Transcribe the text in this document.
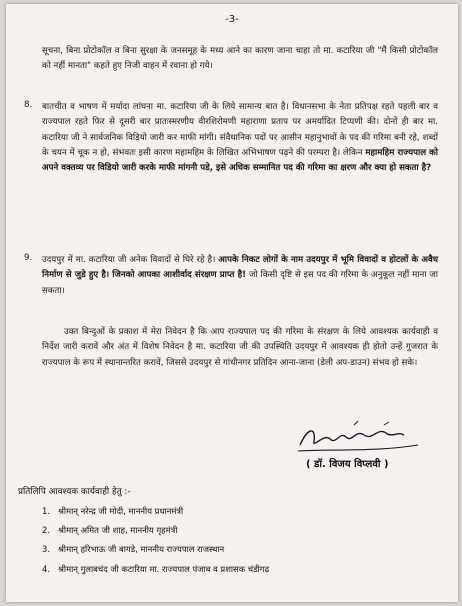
-3-
सूचना, बिना प्रोटोकॉल व बिना सुरक्षा के जनसमूह के मध्य आने का कारण जाना चाहा तो मा. कटारिया जी "मैं किसी प्रोटोकॉल को नहीं मानता" कहते हुए निजी वाहन में रवाना हो गये।
8. बातचीत व भाषण में मर्यादा लांघना मा. कटारिया जी के लिये सामान्य बात है। विधानसभा के नेता प्रतिपक्ष रहते पहली बार व राज्यपाल रहते फिर से दूसरी बार प्रातःस्मरणीय वीरशिरोमणी महाराणा प्रताप पर अमर्यादित टिप्पणी की। दोनों ही बार मा. कटारिया जी ने सार्वजनिक विडियो जारी कर माफी मांगी। संवैधानिक पदों पर आसीन महानुभावों के पद की गरिमा बनी रहे, शब्दों के चयन में चूक न हो, संभवतः इसी कारण महामहिम के लिखित अभिभाषण पढ़ने की परम्परा है। लेकिन महामहिम राज्यपाल को अपने वक्तव्य पर विडियो जारी करके माफी मांगनी पडे, इसे अधिक सम्मानित पद की गरिमा का क्षरण और क्या हो सकता है?
9. उदयपुर में मा. कटारिया जी अनेक विवादों से घिरे रहे है। आपके निकट लोगों के नाम उदयपुर में भूमि विवादों व होटलों के अवैध निर्माण से जुडे हुए है। जिनको आपका आशीर्वाद संरक्षण प्राप्त है! जो किसी दृष्टि से इस पद की गरिमा के अनुकूल नहीं माना जा सकता।
उक्त बिन्दुओं के प्रकाश में मेरा निवेदन है कि आप राज्यपाल पद की गरिमा के संरक्षण के लिये आवश्यक कार्यवाही व निर्देश जारी करावें और अंत में विशेष निवेदन है मा. कटारिया जी की उपस्थिति उदयपुर में आवश्यक ही होतो उन्हें गुजरात के राज्यपाल के रूप में स्थानान्तरित करावें, जिससे उदयपुर से गांधीनगर प्रतिदिन आना-जाना (डेली अप-डाउन) संभव हो सके।
( डॉ. विजय विप्लवी )
प्रतिलिपि आवश्यक कार्यवाही हेतु :-
1. श्रीमान् नरेन्द्र जी मोदी, माननीय प्रधानमंत्री
2. श्रीमान् अमित जी शाह, माननीय गृहमंत्री
3. श्रीमान् हरिभाऊ जी बागडे, माननीय राज्यपाल राजस्थान
4. श्रीमान् गुलाबचंद जी कटारिया मा. राज्यपाल पंजाब व प्रशासक चंडीगढ
